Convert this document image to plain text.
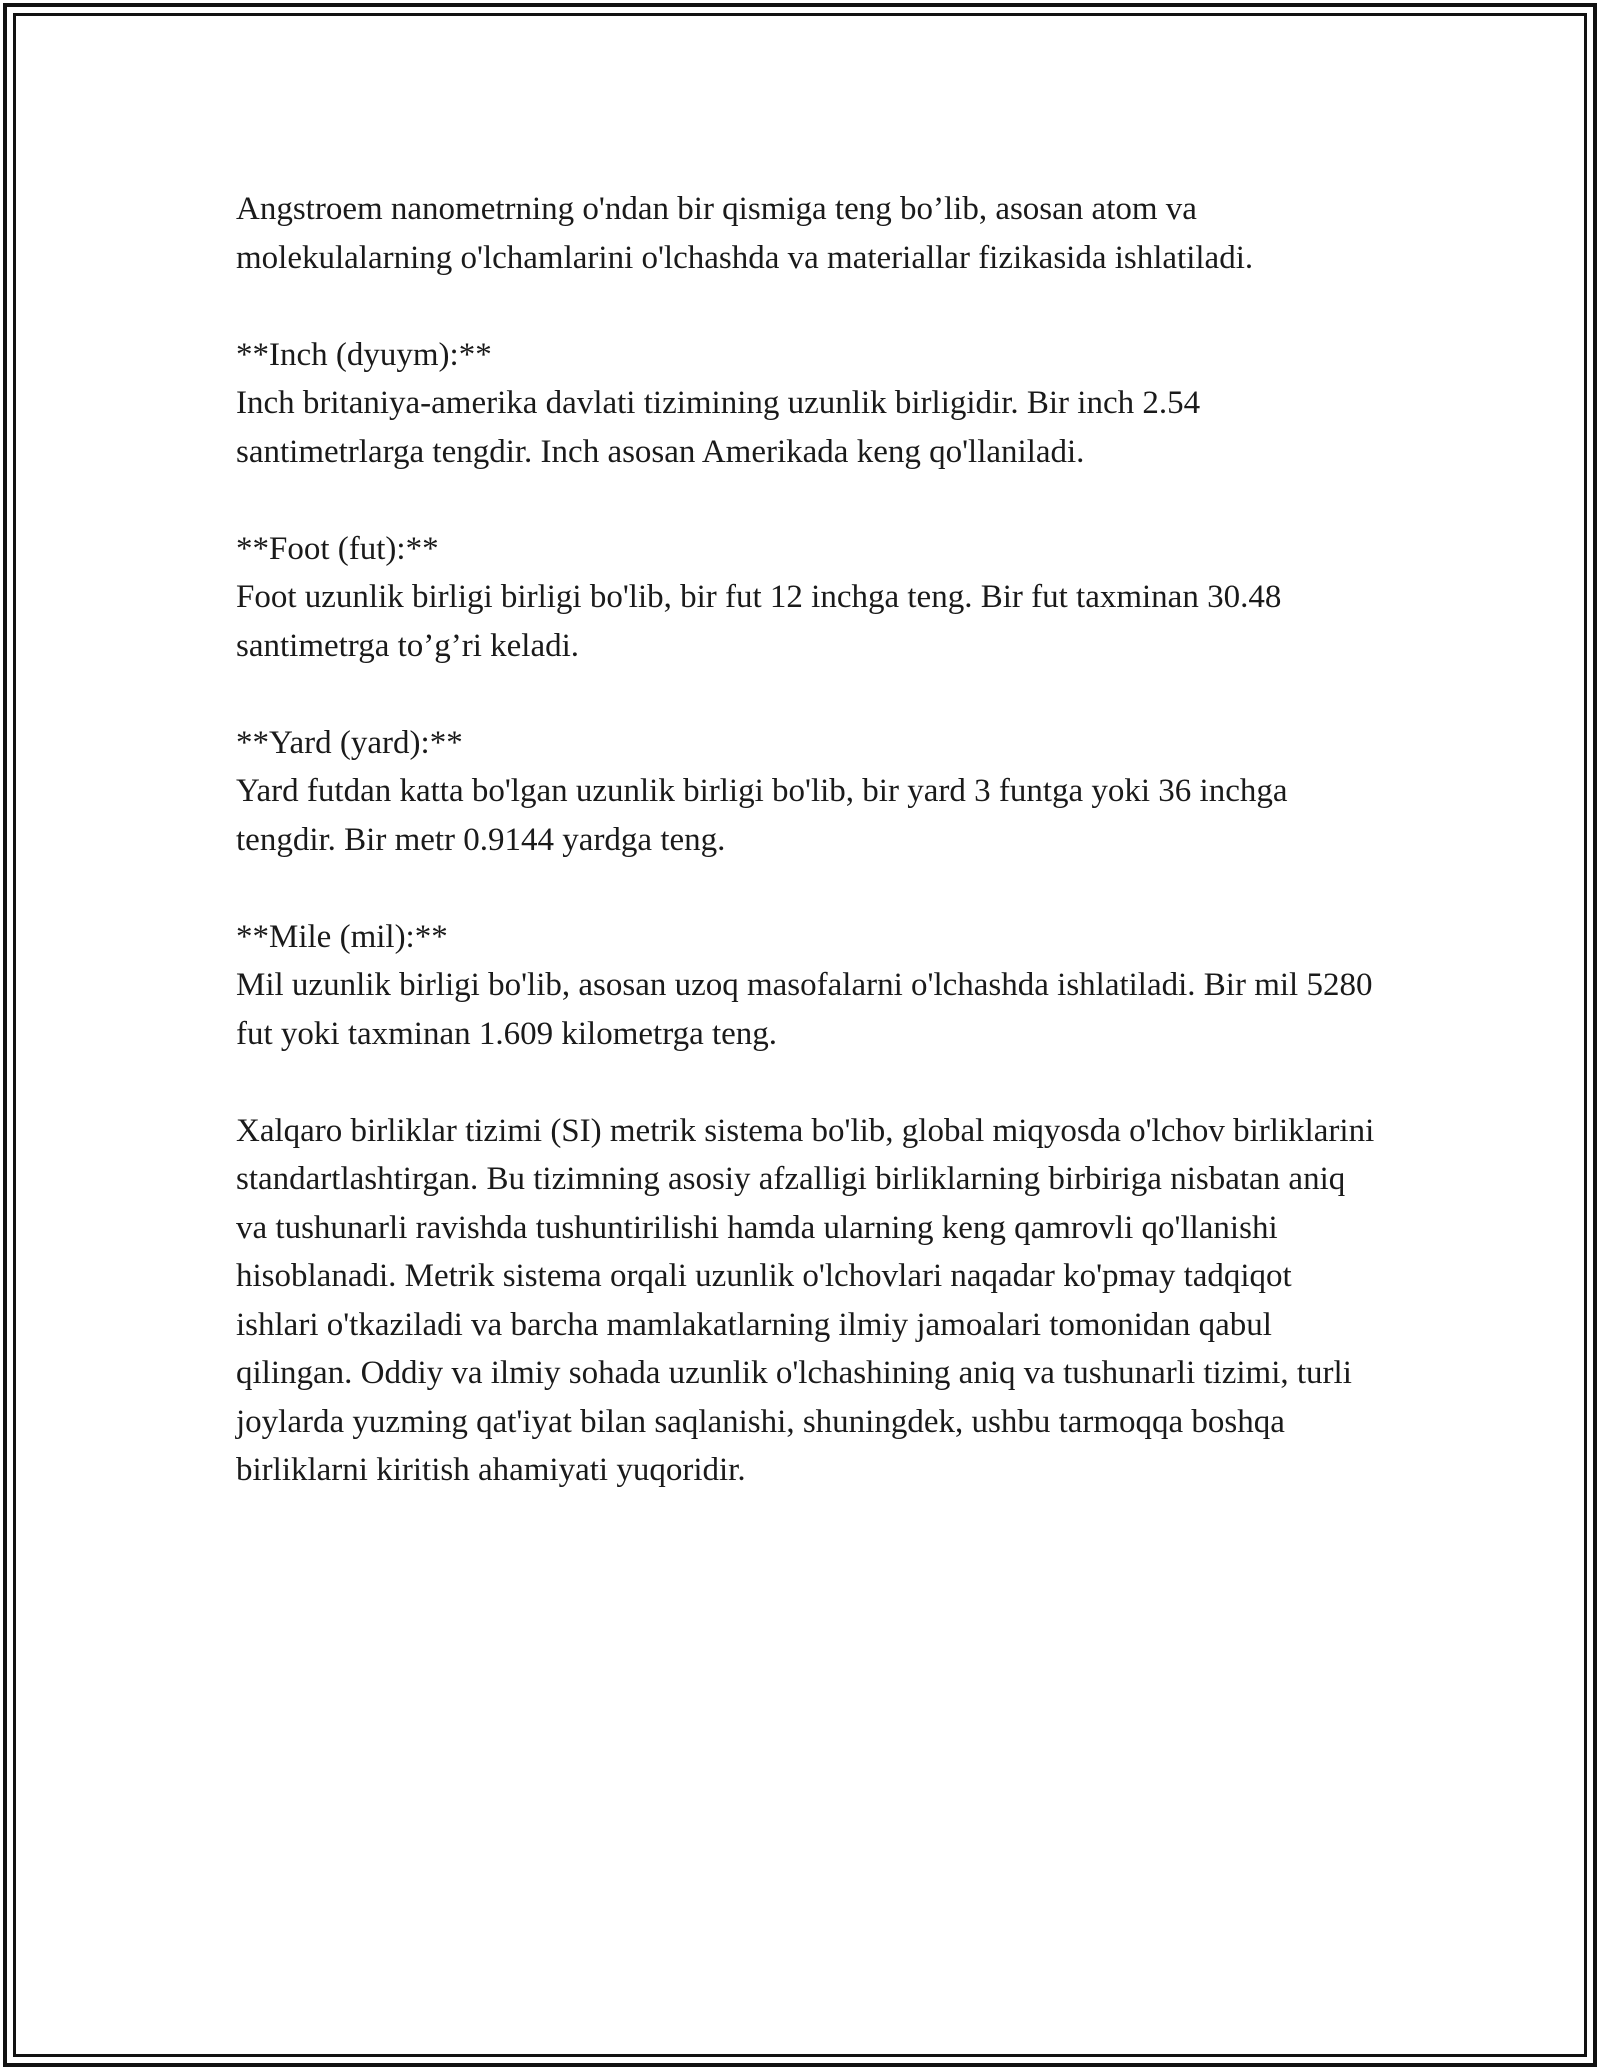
Angstroem nanometrning o'ndan bir qismiga teng bo’lib, asosan atom va molekulalarning o'lchamlarini o'lchashda va materiallar fizikasida ishlatiladi.

**Inch (dyuym):**

Inch britaniya-amerika davlati tizimining uzunlik birligidir. Bir inch 2.54 santimetrlarga tengdir. Inch asosan Amerikada keng qo'llaniladi.

**Foot (fut):**

Foot uzunlik birligi birligi bo'lib, bir fut 12 inchga teng. Bir fut taxminan 30.48 santimetrga to’g’ri keladi.

**Yard (yard):**

Yard futdan katta bo'lgan uzunlik birligi bo'lib, bir yard 3 funtga yoki 36 inchga tengdir. Bir metr 0.9144 yardga teng.

**Mile (mil):**

Mil uzunlik birligi bo'lib, asosan uzoq masofalarni o'lchashda ishlatiladi. Bir mil 5280 fut yoki taxminan 1.609 kilometrga teng.

Xalqaro birliklar tizimi (SI) metrik sistema bo'lib, global miqyosda o'lchov birliklarini standartlashtirgan. Bu tizimning asosiy afzalligi birliklarning birbiriga nisbatan aniq va tushunarli ravishda tushuntirilishi hamda ularning keng qamrovli qo'llanishi hisoblanadi. Metrik sistema orqali uzunlik o'lchovlari naqadar ko'pmay tadqiqot ishlari o'tkaziladi va barcha mamlakatlarning ilmiy jamoalari tomonidan qabul qilingan. Oddiy va ilmiy sohada uzunlik o'lchashining aniq va tushunarli tizimi, turli joylarda yuzming qat'iyat bilan saqlanishi, shuningdek, ushbu tarmoqqa boshqa birliklarni kiritish ahamiyati yuqoridir.
